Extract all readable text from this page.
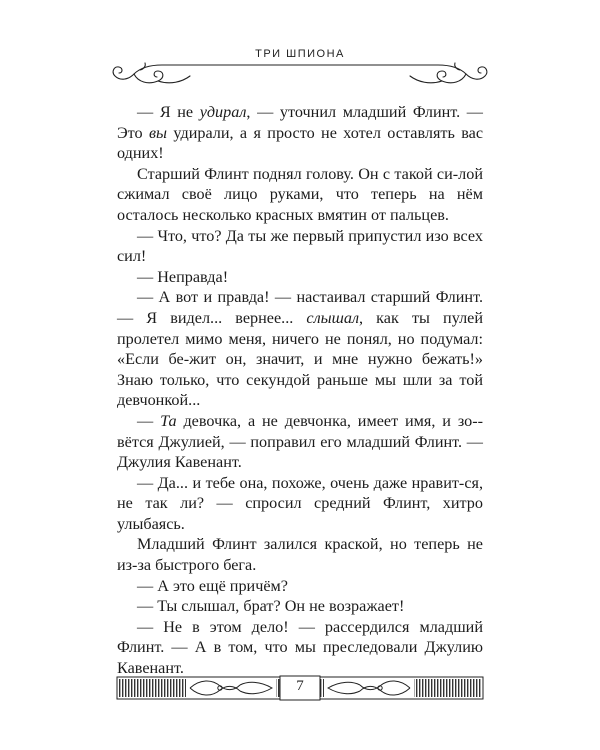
ТРИ ШПИОНА

— Я не удирал, — уточнил младший Флинт. — Это вы удирали, а я просто не хотел оставлять вас одних!

Старший Флинт поднял голову. Он с такой си-лой сжимал своё лицо руками, что теперь на нём осталось несколько красных вмятин от пальцев.

— Что, что? Да ты же первый припустил изо всех сил!

— Неправда!

— А вот и правда! — настаивал старший Флинт. — Я видел... вернее... слышал, как ты пулей пролетел мимо меня, ничего не понял, но подумал: «Если бе-жит он, значит, и мне нужно бежать!» Знаю только, что секундой раньше мы шли за той девчонкой...

— Та девочка, а не девчонка, имеет имя, и зо-вётся Джулией, — поправил его младший Флинт. — Джулия Кавенант.

— Да... и тебе она, похоже, очень даже нравит-ся, не так ли? — спросил средний Флинт, хитро улыбаясь.

Младший Флинт залился краской, но теперь не из-за быстрого бега.

— А это ещё причём?

— Ты слышал, брат? Он не возражает!

— Не в этом дело! — рассердился младший Флинт. — А в том, что мы преследовали Джулию Кавенант.

7
